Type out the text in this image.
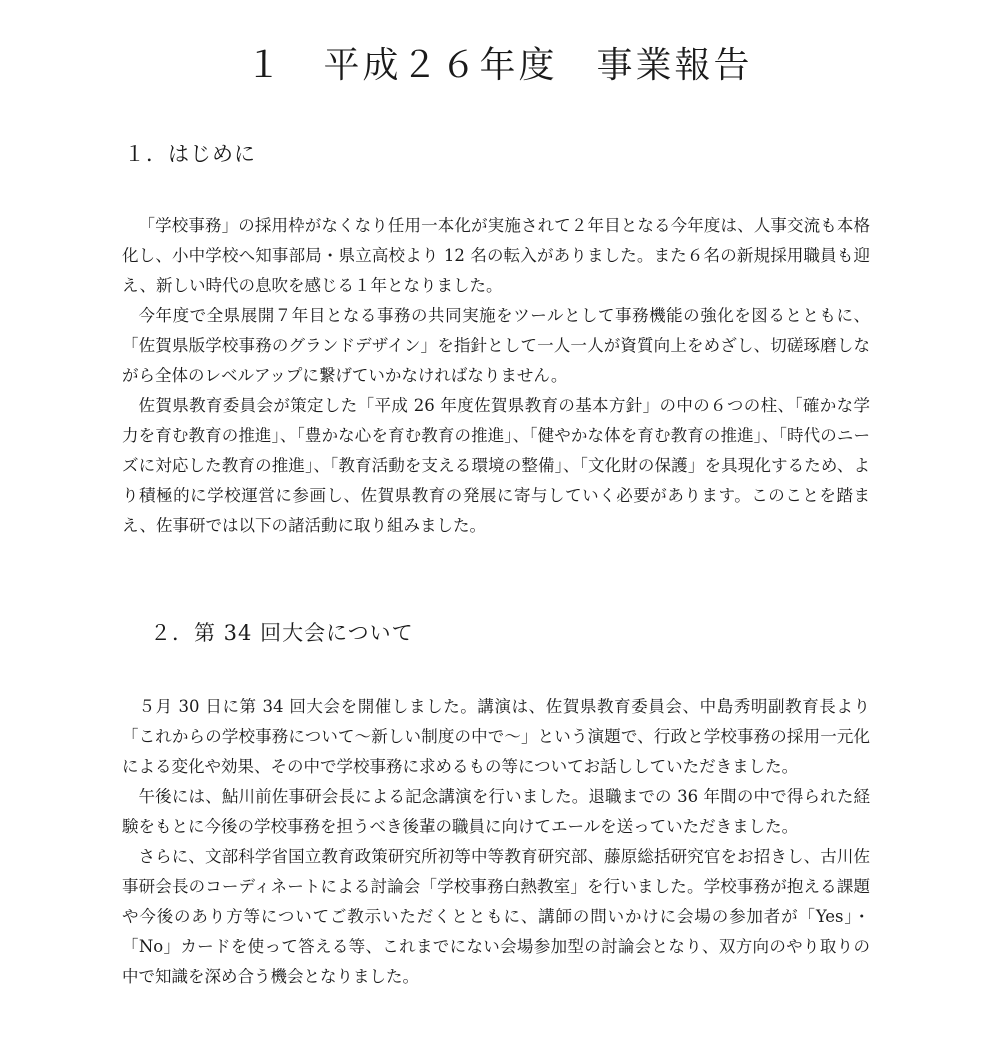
１　平成２６年度　事業報告
１．はじめに

「学校事務」の採用枠がなくなり任用一本化が実施されて２年目となる今年度は、人事交流も本格化し、小中学校へ知事部局・県立高校より 12 名の転入がありました。また６名の新規採用職員も迎え、新しい時代の息吹を感じる１年となりました。

今年度で全県展開７年目となる事務の共同実施をツールとして事務機能の強化を図るとともに、「佐賀県版学校事務のグランドデザイン」を指針として一人一人が資質向上をめざし、切磋琢磨しながら全体のレベルアップに繋げていかなければなりません。

佐賀県教育委員会が策定した「平成 26 年度佐賀県教育の基本方針」の中の６つの柱、「確かな学力を育む教育の推進」、「豊かな心を育む教育の推進」、「健やかな体を育む教育の推進」、「時代のニーズに対応した教育の推進」、「教育活動を支える環境の整備」、「文化財の保護」を具現化するため、より積極的に学校運営に参画し、佐賀県教育の発展に寄与していく必要があります。このことを踏まえ、佐事研では以下の諸活動に取り組みました。

２．第 34 回大会について

５月 30 日に第 34 回大会を開催しました。講演は、佐賀県教育委員会、中島秀明副教育長より「これからの学校事務について～新しい制度の中で～」という演題で、行政と学校事務の採用一元化による変化や効果、その中で学校事務に求めるもの等についてお話ししていただきました。

午後には、鮎川前佐事研会長による記念講演を行いました。退職までの 36 年間の中で得られた経験をもとに今後の学校事務を担うべき後輩の職員に向けてエールを送っていただきました。

さらに、文部科学省国立教育政策研究所初等中等教育研究部、藤原総括研究官をお招きし、古川佐事研会長のコーディネートによる討論会「学校事務白熱教室」を行いました。学校事務が抱える課題や今後のあり方等についてご教示いただくとともに、講師の問いかけに会場の参加者が「Yes」・「No」カードを使って答える等、これまでにない会場参加型の討論会となり、双方向のやり取りの中で知識を深め合う機会となりました。
